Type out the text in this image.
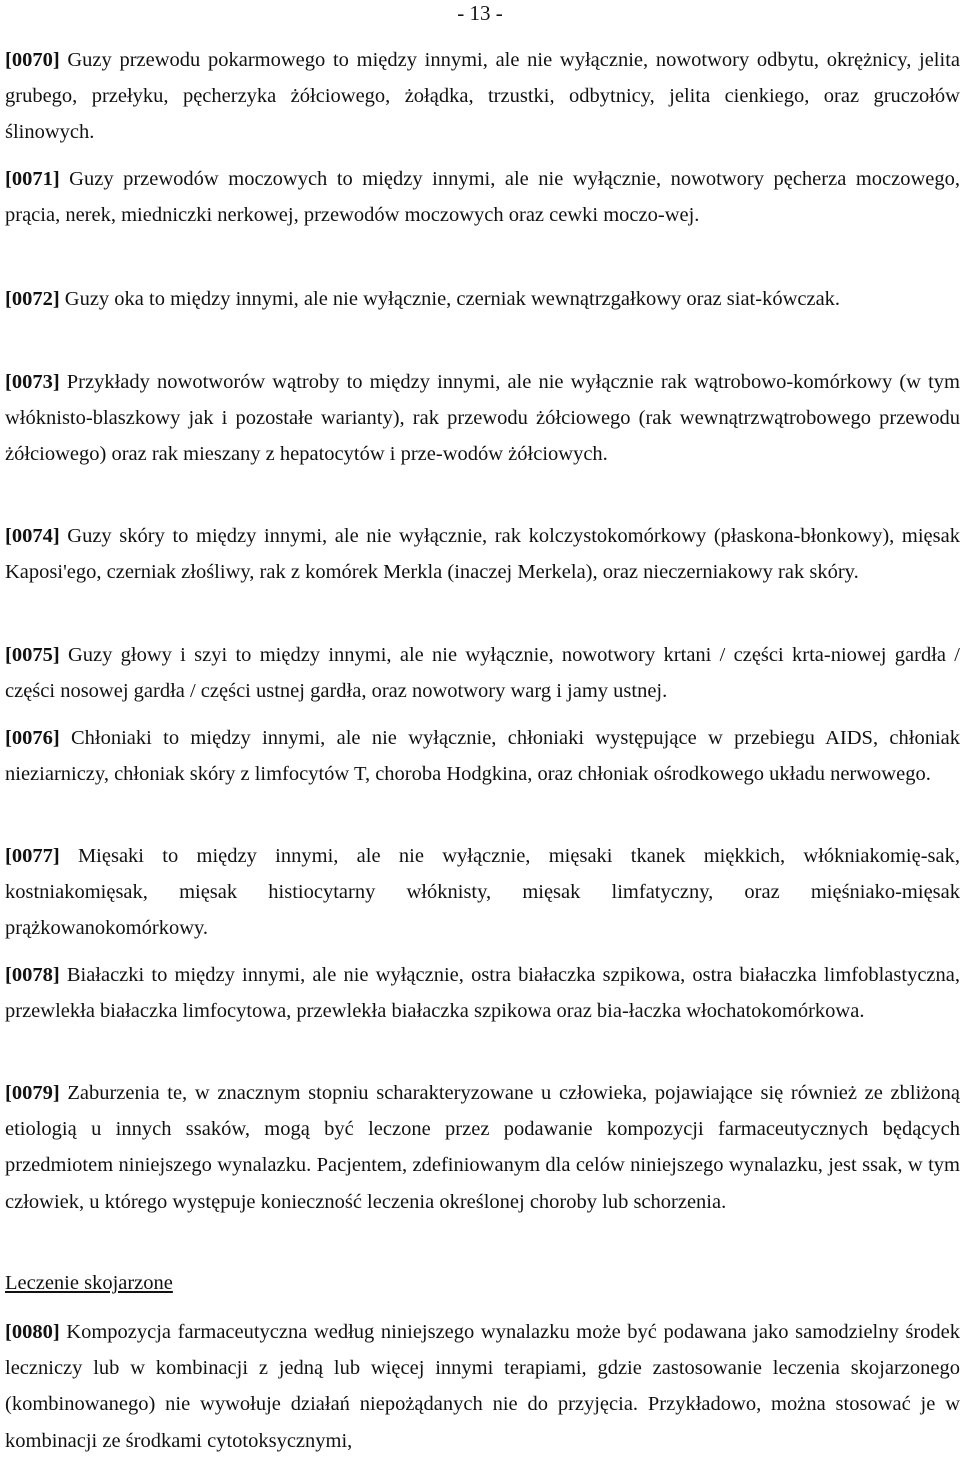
- 13 -

[0070] Guzy przewodu pokarmowego to między innymi, ale nie wyłącznie, nowotwory odbytu, okrężnicy, jelita grubego, przełyku, pęcherzyka żółciowego, żołądka, trzustki, odbytnicy, jelita cienkiego, oraz gruczołów ślinowych.

[0071] Guzy przewodów moczowych to między innymi, ale nie wyłącznie, nowotwory pęcherza moczowego, prącia, nerek, miedniczki nerkowej, przewodów moczowych oraz cewki moczo-wej.

[0072] Guzy oka to między innymi, ale nie wyłącznie, czerniak wewnątrzgałkowy oraz siat-kówczak.

[0073] Przykłady nowotworów wątroby to między innymi, ale nie wyłącznie rak wątrobowo-komórkowy (w tym włóknisto-blaszkowy jak i pozostałe warianty), rak przewodu żółciowego (rak wewnątrzwątrobowego przewodu żółciowego) oraz rak mieszany z hepatocytów i prze-wodów żółciowych.

[0074] Guzy skóry to między innymi, ale nie wyłącznie, rak kolczystokomórkowy (płaskona-błonkowy), mięsak Kaposi'ego, czerniak złośliwy, rak z komórek Merkla (inaczej Merkela), oraz nieczerniakowy rak skóry.

[0075] Guzy głowy i szyi to między innymi, ale nie wyłącznie, nowotwory krtani / części krta-niowej gardła / części nosowej gardła / części ustnej gardła, oraz nowotwory warg i jamy ustnej.

[0076] Chłoniaki to między innymi, ale nie wyłącznie, chłoniaki występujące w przebiegu AIDS, chłoniak nieziarniczy, chłoniak skóry z limfocytów T, choroba Hodgkina, oraz chłoniak ośrodkowego układu nerwowego.

[0077] Mięsaki to między innymi, ale nie wyłącznie, mięsaki tkanek miękkich, włókniakomię-sak, kostniakomięsak, mięsak histiocytarny włóknisty, mięsak limfatyczny, oraz mięśniako-mięsak prążkowanokomórkowy.

[0078] Białaczki to między innymi, ale nie wyłącznie, ostra białaczka szpikowa, ostra białaczka limfoblastyczna, przewlekła białaczka limfocytowa, przewlekła białaczka szpikowa oraz bia-łaczka włochatokomórkowa.

[0079] Zaburzenia te, w znacznym stopniu scharakteryzowane u człowieka, pojawiające się również ze zbliżoną etiologią u innych ssaków, mogą być leczone przez podawanie kompozycji farmaceutycznych będących przedmiotem niniejszego wynalazku. Pacjentem, zdefiniowanym dla celów niniejszego wynalazku, jest ssak, w tym człowiek, u którego występuje konieczność leczenia określonej choroby lub schorzenia.

Leczenie skojarzone

[0080] Kompozycja farmaceutyczna według niniejszego wynalazku może być podawana jako samodzielny środek leczniczy lub w kombinacji z jedną lub więcej innymi terapiami, gdzie zastosowanie leczenia skojarzonego (kombinowanego) nie wywołuje działań niepożądanych nie do przyjęcia. Przykładowo, można stosować je w kombinacji ze środkami cytotoksycznymi,
